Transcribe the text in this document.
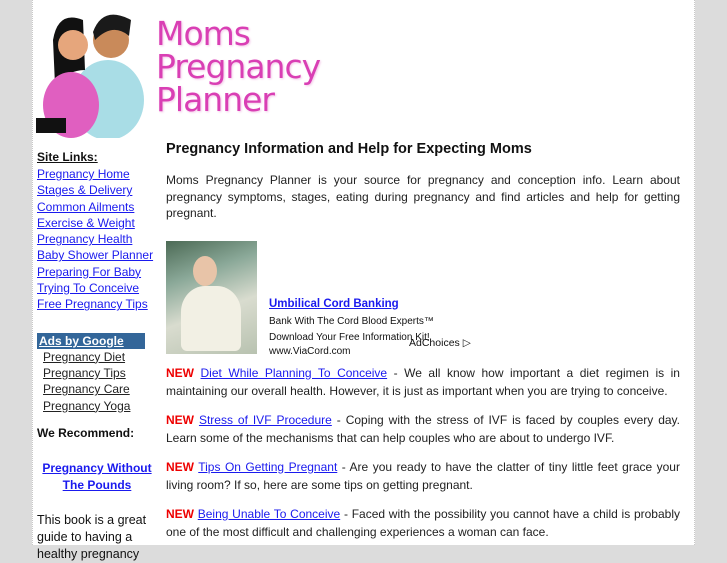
Moms
Pregnancy
Planner
Site Links:
Pregnancy Home
Stages & Delivery
Common Ailments
Exercise & Weight
Pregnancy Health
Baby Shower Planner
Preparing For Baby
Trying To Conceive
Free Pregnancy Tips
Ads by Google
Pregnancy Diet
Pregnancy Tips
Pregnancy Care
Pregnancy Yoga
We Recommend:
Pregnancy Without The Pounds
This book is a great guide to having a healthy pregnancy
Pregnancy Information and Help for Expecting Moms

Moms Pregnancy Planner is your source for pregnancy and conception info. Learn about pregnancy symptoms, stages, eating during pregnancy and find articles and help for getting pregnant.

Umbilical Cord Banking
Bank With The Cord Blood Experts™
Download Your Free Information Kit!
www.ViaCord.com
AdChoices ▷

NEW Diet While Planning To Conceive - We all know how important a diet regimen is in maintaining our overall health. However, it is just as important when you are trying to conceive.

NEW Stress of IVF Procedure - Coping with the stress of IVF is faced by couples every day. Learn some of the mechanisms that can help couples who are about to undergo IVF.

NEW Tips On Getting Pregnant - Are you ready to have the clatter of tiny little feet grace your living room? If so, here are some tips on getting pregnant.

NEW Being Unable To Conceive - Faced with the possibility you cannot have a child is probably one of the most difficult and challenging experiences a woman can face.
